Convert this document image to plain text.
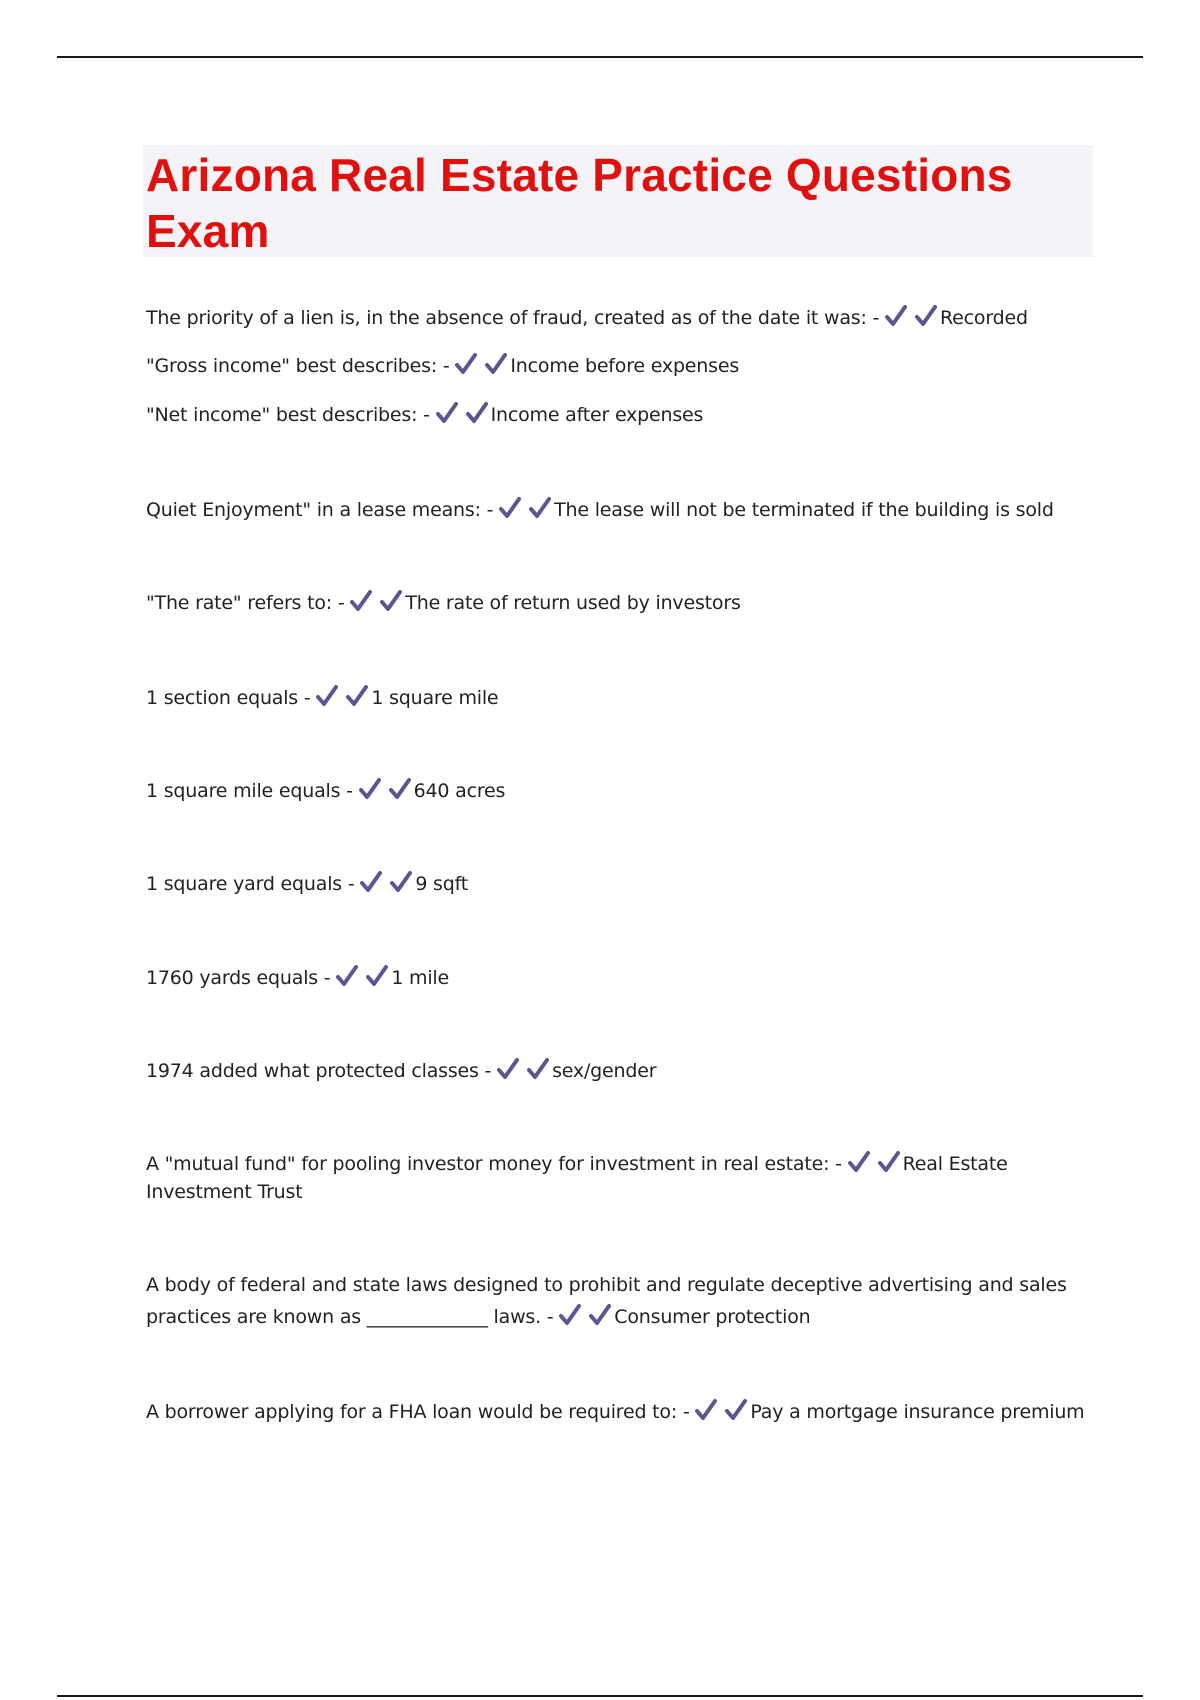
Arizona Real Estate Practice Questions Exam
The priority of a lien is, in the absence of fraud, created as of the date it was: -	Recorded
"Gross income" best describes: -	Income before expenses
"Net income" best describes: -	Income after expenses
Quiet Enjoyment" in a lease means: -	The lease will not be terminated if the building is sold
"The rate" refers to: -	The rate of return used by investors
1 section equals -	1 square mile
1 square mile equals -	640 acres
1 square yard equals -	9 sqft
1760 yards equals -	1 mile
1974 added what protected classes -	sex/gender
A "mutual fund" for pooling investor money for investment in real estate: -	Real Estate Investment Trust
A body of federal and state laws designed to prohibit and regulate deceptive advertising and sales practices are known as _____________ laws. -	Consumer protection
A borrower applying for a FHA loan would be required to: -	Pay a mortgage insurance premium
